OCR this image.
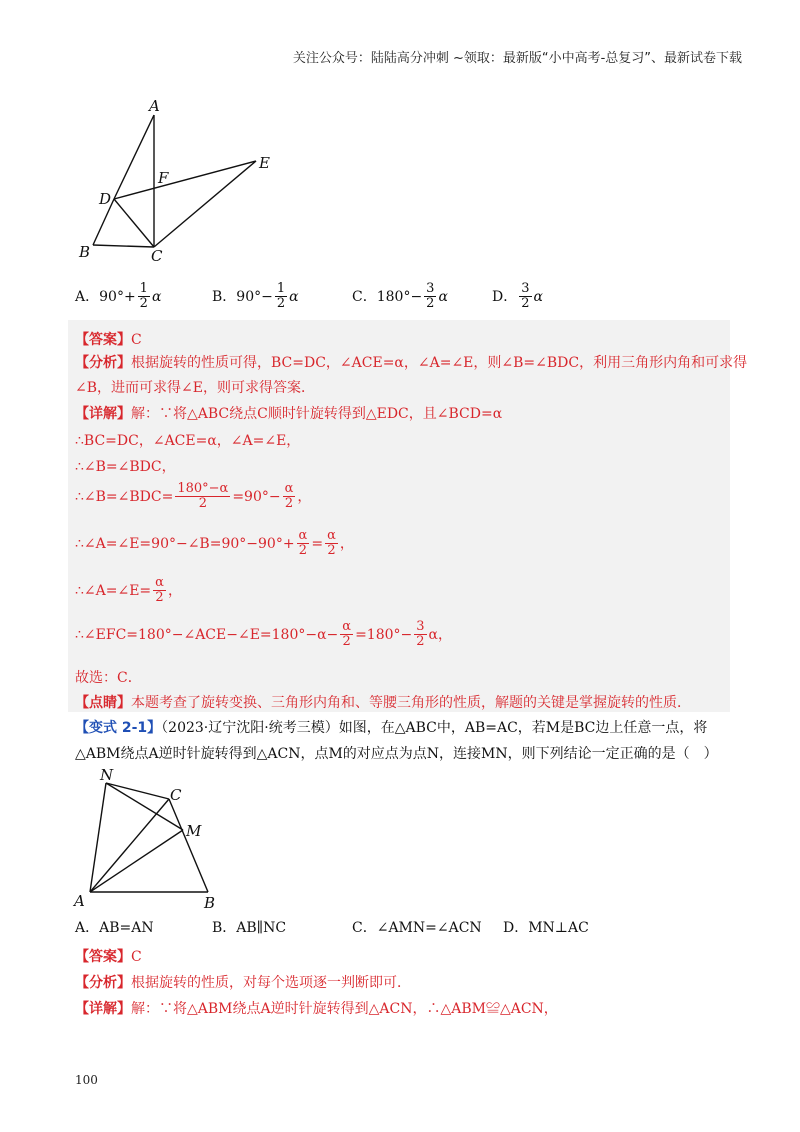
关注公众号：陆陆高分冲刺 ~领取：最新版“小中高考-总复习”、最新试卷下载
A
F
E
D
B	C
A．$90^\circ+ \frac{1}{2}$ α	B．$90^\circ- \frac{1}{2}$ α	C．$180^\circ- \frac{3}{2}$ α	D． $\frac{3}{2}$ α
【答案】C
【分析】根据旋转的性质可得，BC=DC，∠ACE=α，∠A=∠E，则∠B=∠BDC，利用三角形内角和可求得
∠B，进而可求得∠E，则可求得答案．
【详解】解：∵将△ABC绕点C顺时针旋转得到△EDC，且∠BCD=α
∴BC=DC，∠ACE=α，∠A=∠E，
∴∠B=∠BDC，
∴∠B=∠BDC= $\frac{180^\circ-\alpha}{2} =90^\circ- \frac{\alpha}{2}$ ，
∴∠A=∠E=90°−∠B=90°−90°+ $\frac{\alpha}{2} = \frac{\alpha}{2}$ ，
∴∠A=∠E= $\frac{\alpha}{2}$ ，
∴∠EFC=180°−∠ACE−∠E=180°−α− $\frac{\alpha}{2} =180^\circ- \frac{3}{2}$ α，
故选：C．
【点睛】本题考查了旋转变换、三角形内角和、等腰三角形的性质，解题的关键是掌握旋转的性质．
【变式 2-1】（2023·辽宁沈阳·统考三模）如图，在△ABC中，AB=AC，若M是BC边上任意一点，将
△ABM绕点A逆时针旋转得到△ACN，点M的对应点为点N，连接MN，则下列结论一定正确的是（　）
N
C
M
A	B
A．AB=AN	B．AB∥NC	C．∠AMN=∠ACN D．MN⊥AC
【答案】C
【分析】根据旋转的性质，对每个选项逐一判断即可．
【详解】解：∵将△ABM绕点A逆时针旋转得到△ACN，∴△ABM≌△ACN，
100
